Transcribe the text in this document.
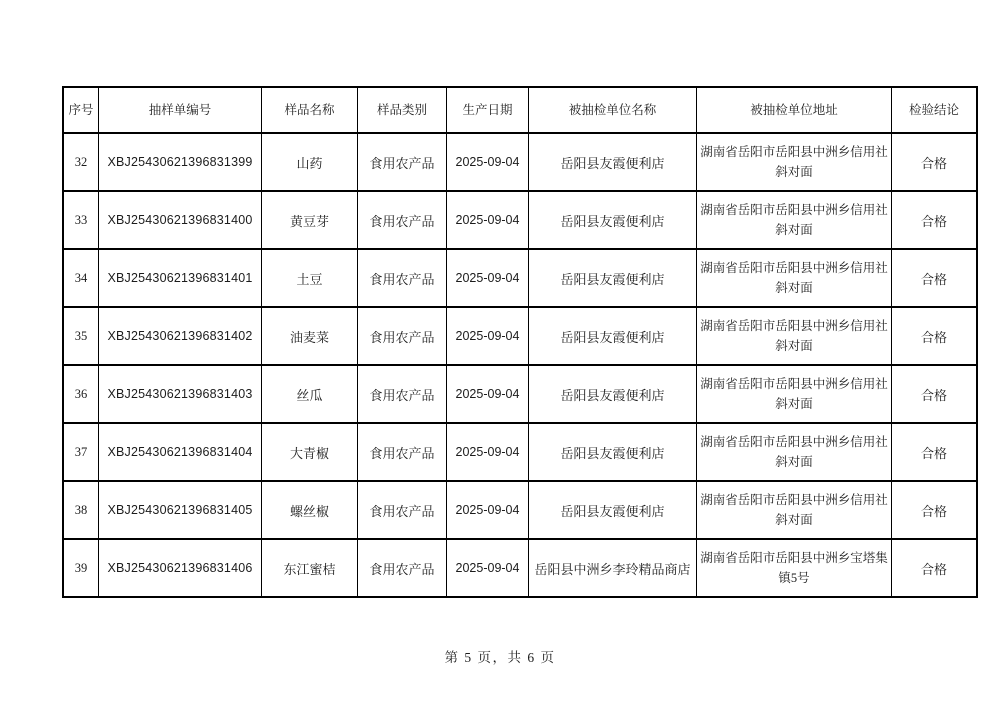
序号	抽样单编号	样品名称	样品类别	生产日期	被抽检单位名称	被抽检单位地址	检验结论
32	XBJ25430621396831399	山药	食用农产品	2025-09-04	岳阳县友霞便利店	湖南省岳阳市岳阳县中洲乡信用社斜对面	合格
33	XBJ25430621396831400	黄豆芽	食用农产品	2025-09-04	岳阳县友霞便利店	湖南省岳阳市岳阳县中洲乡信用社斜对面	合格
34	XBJ25430621396831401	土豆	食用农产品	2025-09-04	岳阳县友霞便利店	湖南省岳阳市岳阳县中洲乡信用社斜对面	合格
35	XBJ25430621396831402	油麦菜	食用农产品	2025-09-04	岳阳县友霞便利店	湖南省岳阳市岳阳县中洲乡信用社斜对面	合格
36	XBJ25430621396831403	丝瓜	食用农产品	2025-09-04	岳阳县友霞便利店	湖南省岳阳市岳阳县中洲乡信用社斜对面	合格
37	XBJ25430621396831404	大青椒	食用农产品	2025-09-04	岳阳县友霞便利店	湖南省岳阳市岳阳县中洲乡信用社斜对面	合格
38	XBJ25430621396831405	螺丝椒	食用农产品	2025-09-04	岳阳县友霞便利店	湖南省岳阳市岳阳县中洲乡信用社斜对面	合格
39	XBJ25430621396831406	东江蜜桔	食用农产品	2025-09-04	岳阳县中洲乡李玲精品商店	湖南省岳阳市岳阳县中洲乡宝塔集镇5号	合格
第 5 页，共 6 页
